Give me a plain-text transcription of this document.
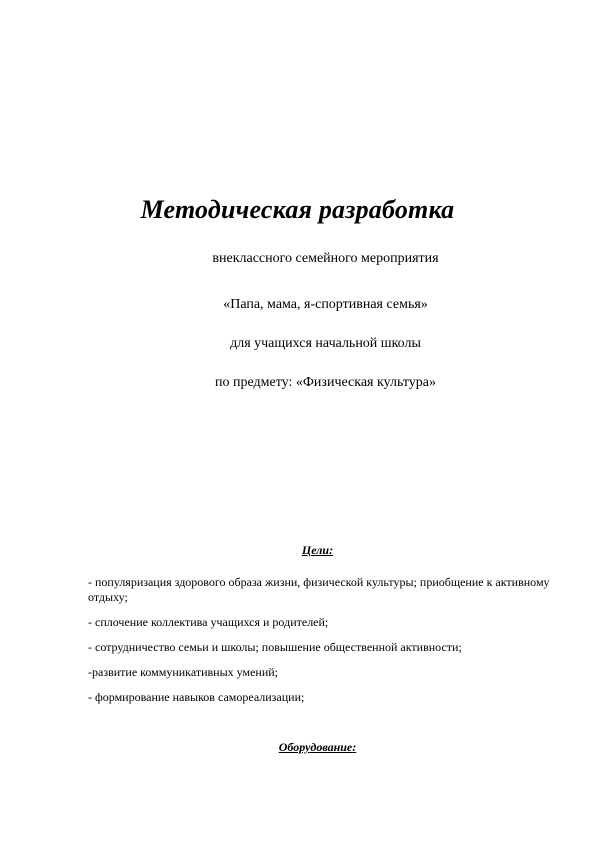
Методическая разработка
внеклассного семейного мероприятия
«Папа, мама, я-спортивная семья»
для учащихся начальной школы
по предмету: «Физическая культура»
Цели:
- популяризация здорового образа жизни, физической культуры; приобщение к активному отдыху;
- сплочение коллектива учащихся и родителей;
- сотрудничество семьи и школы; повышение общественной активности;
-развитие коммуникативных умений;
- формирование навыков самореализации;
Оборудование:
